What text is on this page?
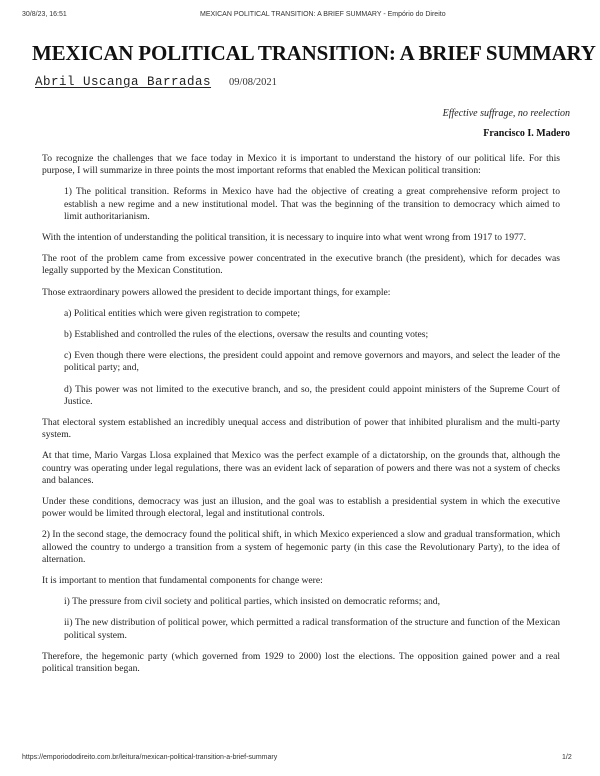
30/8/23, 16:51	MEXICAN POLITICAL TRANSITION: A BRIEF SUMMARY - Empório do Direito
MEXICAN POLITICAL TRANSITION: A BRIEF SUMMARY
Abril Uscanga Barradas 09/08/2021
Effective suffrage, no reelection
Francisco I. Madero

To recognize the challenges that we face today in Mexico it is important to understand the history of our political life. For this purpose, I will summarize in three points the most important reforms that enabled the Mexican political transition:

1) The political transition. Reforms in Mexico have had the objective of creating a great comprehensive reform project to establish a new regime and a new institutional model. That was the beginning of the transition to democracy which aimed to limit authoritarianism.

With the intention of understanding the political transition, it is necessary to inquire into what went wrong from 1917 to 1977.

The root of the problem came from excessive power concentrated in the executive branch (the president), which for decades was legally supported by the Mexican Constitution.

Those extraordinary powers allowed the president to decide important things, for example:

a) Political entities which were given registration to compete;

b) Established and controlled the rules of the elections, oversaw the results and counting votes;

c) Even though there were elections, the president could appoint and remove governors and mayors, and select the leader of the political party; and,

d) This power was not limited to the executive branch, and so, the president could appoint ministers of the Supreme Court of Justice.

That electoral system established an incredibly unequal access and distribution of power that inhibited pluralism and the multi-party system.

At that time, Mario Vargas Llosa explained that Mexico was the perfect example of a dictatorship, on the grounds that, although the country was operating under legal regulations, there was an evident lack of separation of powers and there was not a system of checks and balances.

Under these conditions, democracy was just an illusion, and the goal was to establish a presidential system in which the executive power would be limited through electoral, legal and institutional controls.

2) In the second stage, the democracy found the political shift, in which Mexico experienced a slow and gradual transformation, which allowed the country to undergo a transition from a system of hegemonic party (in this case the Revolutionary Party), to the idea of alternation.

It is important to mention that fundamental components for change were:

i) The pressure from civil society and political parties, which insisted on democratic reforms; and,

ii) The new distribution of political power, which permitted a radical transformation of the structure and function of the Mexican political system.

Therefore, the hegemonic party (which governed from 1929 to 2000) lost the elections. The opposition gained power and a real political transition began.

https://emporiododireito.com.br/leitura/mexican-political-transition-a-brief-summary	1/2
